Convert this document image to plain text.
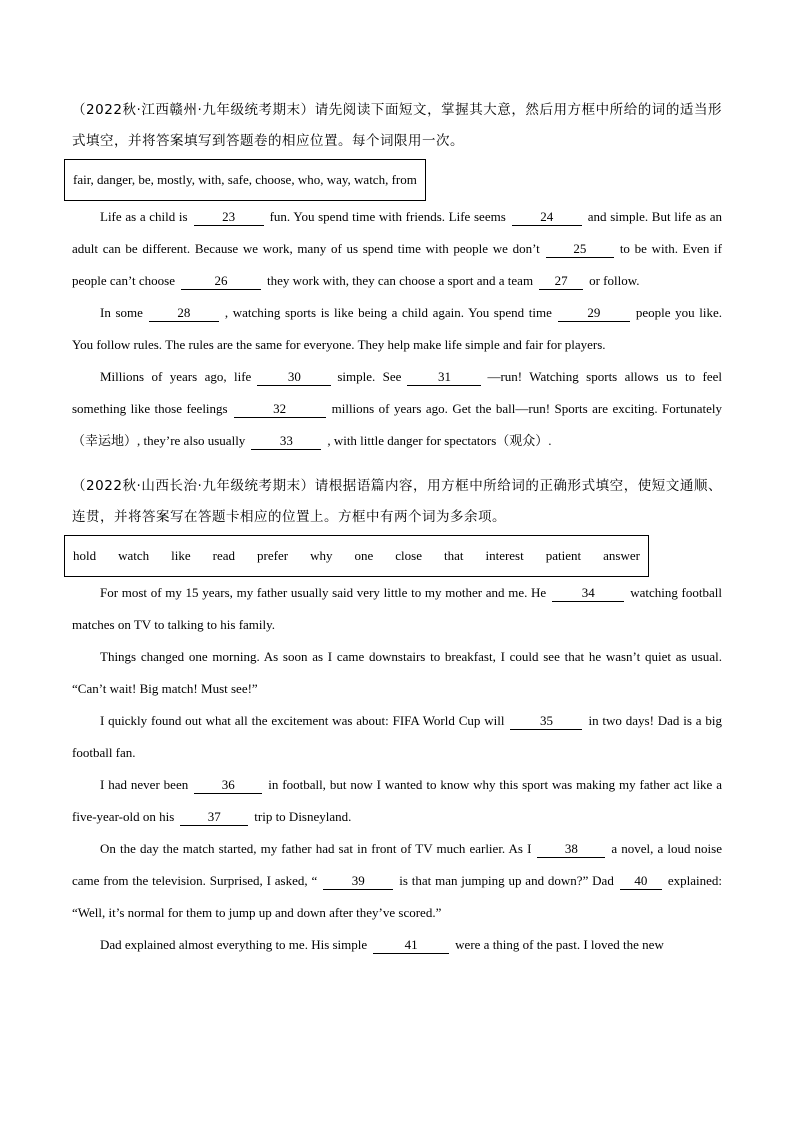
（2022秋·江西赣州·九年级统考期末）请先阅读下面短文，掌握其大意，然后用方框中所给的词的适当形式填空，并将答案填写到答题卷的相应位置。每个词限用一次。
fair, danger, be, mostly, with, safe, choose, who, way, watch, from

Life as a child is	23	fun. You spend time with friends. Life seems	24	and simple. But life as an adult can be different. Because we work, many of us spend time with people we don’t	25	to be with. Even if people can’t choose	26	they work with, they can choose a sport and a team 27 or follow.

In some	28	, watching sports is like being a child again. You spend time	29	people you like. You follow rules. The rules are the same for everyone. They help make life simple and fair for players.

Millions of years ago, life	30	simple. See	31	—run! Watching sports allows us to feel something like those feelings	32	millions of years ago. Get the ball—run! Sports are exciting. Fortunately（幸运地）, they’re also usually	33	, with little danger for spectators（观众）.

（2022秋·山西长治·九年级统考期末）请根据语篇内容，用方框中所给词的正确形式填空，使短文通顺、连贯，并将答案写在答题卡相应的位置上。方框中有两个词为多余项。
hold watch like read prefer why one close that interest patient answer

For most of my 15 years, my father usually said very little to my mother and me. He	34	watching football matches on TV to talking to his family.

Things changed one morning. As soon as I came downstairs to breakfast, I could see that he wasn’t quiet as usual. “Can’t wait! Big match! Must see!”

I quickly found out what all the excitement was about: FIFA World Cup will	35	in two days! Dad is a big football fan.

I had never been	36	in football, but now I wanted to know why this sport was making my father act like a five-year-old on his	37	trip to Disneyland.

On the day the match started, my father had sat in front of TV much earlier. As I	38	a novel, a loud noise came from the television. Surprised, I asked, “	39	is that man jumping up and down?” Dad 40 explained: “Well, it’s normal for them to jump up and down after they’ve scored.”

Dad explained almost everything to me. His simple	41	were a thing of the past. I loved the new
